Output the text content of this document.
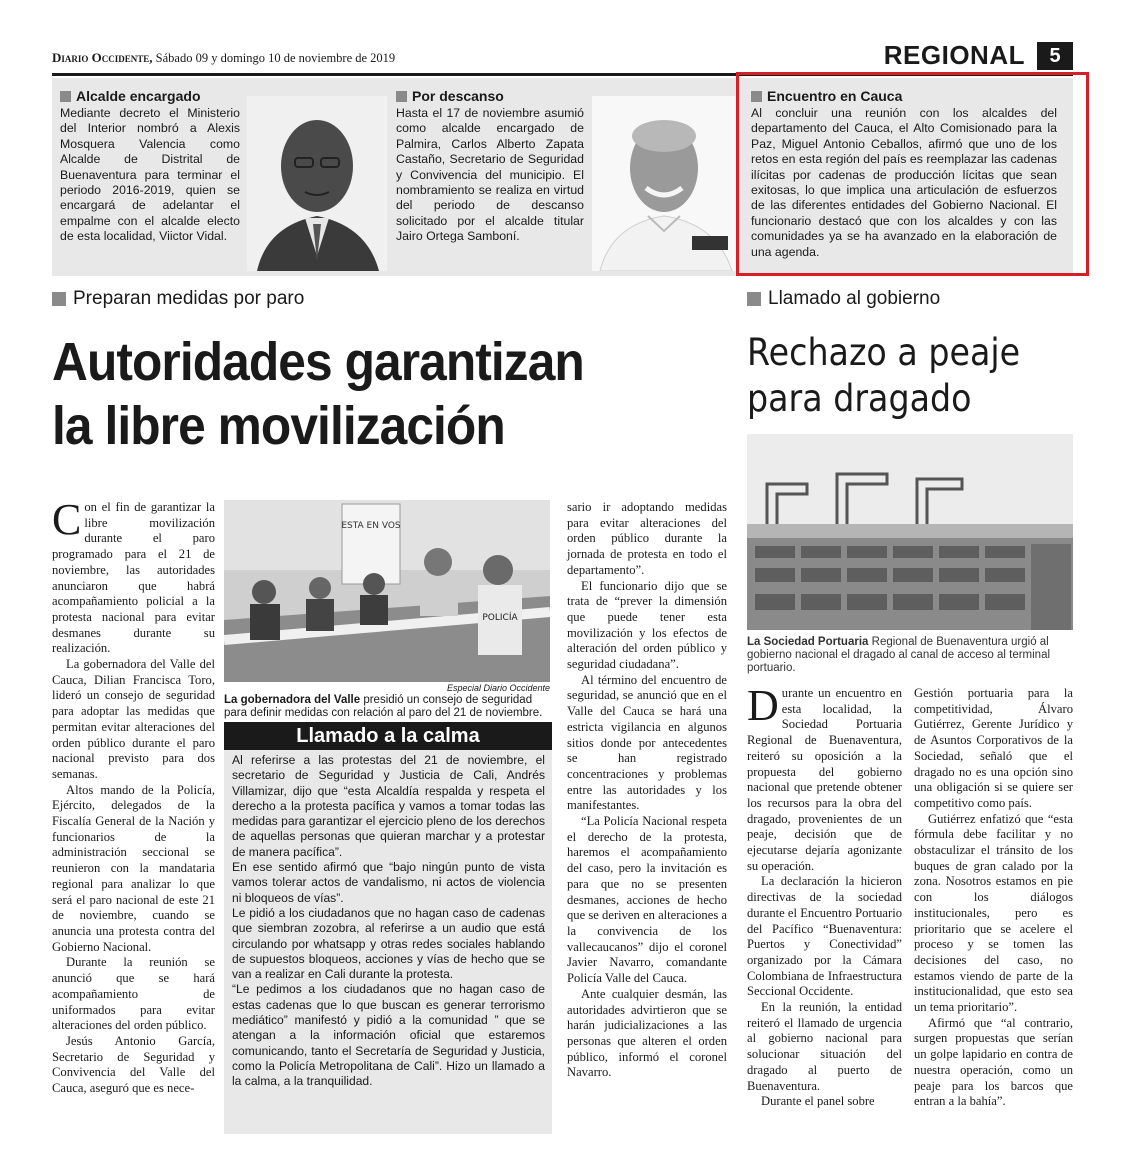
Diario Occidente, Sábado 09 y domingo 10 de noviembre de 2019	REGIONAL	5
Alcalde encargado
Mediante decreto el Ministerio del Interior nombró a Alexis Mosquera Valencia como Alcalde de Distrital de Buenaventura para terminar el periodo 2016-2019, quien se encargará de adelantar el empalme con el alcalde electo de esta localidad, Viictor Vidal.
Por descanso
Hasta el 17 de noviembre asumió como alcalde encargado de Palmira, Carlos Alberto Zapata Castaño, Secretario de Seguridad y Convivencia del municipio. El nombramiento se realiza en virtud del periodo de descanso solicitado por el alcalde titular Jairo Ortega Samboní.
Encuentro en Cauca
Al concluir una reunión con los alcaldes del departamento del Cauca, el Alto Comisionado para la Paz, Miguel Antonio Ceballos, afirmó que uno de los retos en esta región del país es reemplazar las cadenas ilícitas por cadenas de producción lícitas que sean exitosas, lo que implica una articulación de esfuerzos de las diferentes entidades del Gobierno Nacional. El funcionario destacó que con los alcaldes y con las comunidades ya se ha avanzado en la elaboración de una agenda.
Preparan medidas por paro
Autoridades garantizan
la libre movilización

Con el fin de garantizar la libre movilización durante el paro programado para el 21 de noviembre, las autoridades anunciaron que habrá acompañamiento policial a la protesta nacional para evitar desmanes durante su realización.

La gobernadora del Valle del Cauca, Dilian Francisca Toro, lideró un consejo de seguridad para adoptar las medidas que permitan evitar alteraciones del orden público durante el paro nacional previsto para dos semanas.

Altos mando de la Policía, Ejército, delegados de la Fiscalía General de la Nación y funcionarios de la administración seccional se reunieron con la mandataria regional para analizar lo que será el paro nacional de este 21 de noviembre, cuando se anuncia una protesta contra del Gobierno Nacional.

Durante la reunión se anunció que se hará acompañamiento de uniformados para evitar alteraciones del orden público.

Jesús Antonio García, Secretario de Seguridad y Convivencia del Valle del Cauca, aseguró que es nece-

ESTA EN VOS
POLICÍA
Especial Diario Occidente
La gobernadora del Valle presidió un consejo de seguridad para definir medidas con relación al paro del 21 de noviembre.
Llamado a la calma

Al referirse a las protestas del 21 de noviembre, el secretario de Seguridad y Justicia de Cali, Andrés Villamizar, dijo que “esta Alcaldía respalda y respeta el derecho a la protesta pacífica y vamos a tomar todas las medidas para garantizar el ejercicio pleno de los derechos de aquellas personas que quieran marchar y a protestar de manera pacífica”.

En ese sentido afirmó que “bajo ningún punto de vista vamos tolerar actos de vandalismo, ni actos de violencia ni bloqueos de vías”.

Le pidió a los ciudadanos que no hagan caso de cadenas que siembran zozobra, al referirse a un audio que está circulando por whatsapp y otras redes sociales hablando de supuestos bloqueos, acciones y vías de hecho que se van a realizar en Cali durante la protesta.

“Le pedimos a los ciudadanos que no hagan caso de estas cadenas que lo que buscan es generar terrorismo mediático” manifestó y pidió a la comunidad ” que se atengan a la información oficial que estaremos comunicando, tanto el Secretaría de Seguridad y Justicia, como la Policía Metropolitana de Cali”. Hizo un llamado a la calma, a la tranquilidad.

sario ir adoptando medidas para evitar alteraciones del orden público durante la jornada de protesta en todo el departamento”.

El funcionario dijo que se trata de “prever la dimensión que puede tener esta movilización y los efectos de alteración del orden público y seguridad ciudadana”.

Al término del encuentro de seguridad, se anunció que en el Valle del Cauca se hará una estricta vigilancia en algunos sitios donde por antecedentes se han registrado concentraciones y problemas entre las autoridades y los manifestantes.

“La Policía Nacional respeta el derecho de la protesta, haremos el acompañamiento del caso, pero la invitación es para que no se presenten desmanes, acciones de hecho que se deriven en alteraciones a la convivencia de los vallecaucanos” dijo el coronel Javier Navarro, comandante Policía Valle del Cauca.

Ante cualquier desmán, las autoridades advirtieron que se harán judicializaciones a las personas que alteren el orden público, informó el coronel Navarro.

Llamado al gobierno
Rechazo a peaje
para dragado
La Sociedad Portuaria Regional de Buenaventura urgió al gobierno nacional el dragado al canal de acceso al terminal portuario.

Durante un encuentro en esta localidad, la Sociedad Portuaria Regional de Buenaventura, reiteró su oposición a la propuesta del gobierno nacional que pretende obtener los recursos para la obra del dragado, provenientes de un peaje, decisión que de ejecutarse dejaría agonizante su operación.

La declaración la hicieron directivas de la sociedad durante el Encuentro Portuario del Pacífico “Buenaventura: Puertos y Conectividad” organizado por la Cámara Colombiana de Infraestructura Seccional Occidente.

En la reunión, la entidad reiteró el llamado de urgencia al gobierno nacional para solucionar situación del dragado al puerto de Buenaventura.

Durante el panel sobre

Gestión portuaria para la competitividad, Álvaro Gutiérrez, Gerente Jurídico y de Asuntos Corporativos de la Sociedad, señaló que el dragado no es una opción sino una obligación si se quiere ser competitivo como país.

Gutiérrez enfatizó que “esta fórmula debe facilitar y no obstaculizar el tránsito de los buques de gran calado por la zona. Nosotros estamos en pie con los diálogos institucionales, pero es prioritario que se acelere el proceso y se tomen las decisiones del caso, no estamos viendo de parte de la institucionalidad, que esto sea un tema prioritario”.

Afirmó que “al contrario, surgen propuestas que serían un golpe lapidario en contra de nuestra operación, como un peaje para los barcos que entran a la bahía”.
